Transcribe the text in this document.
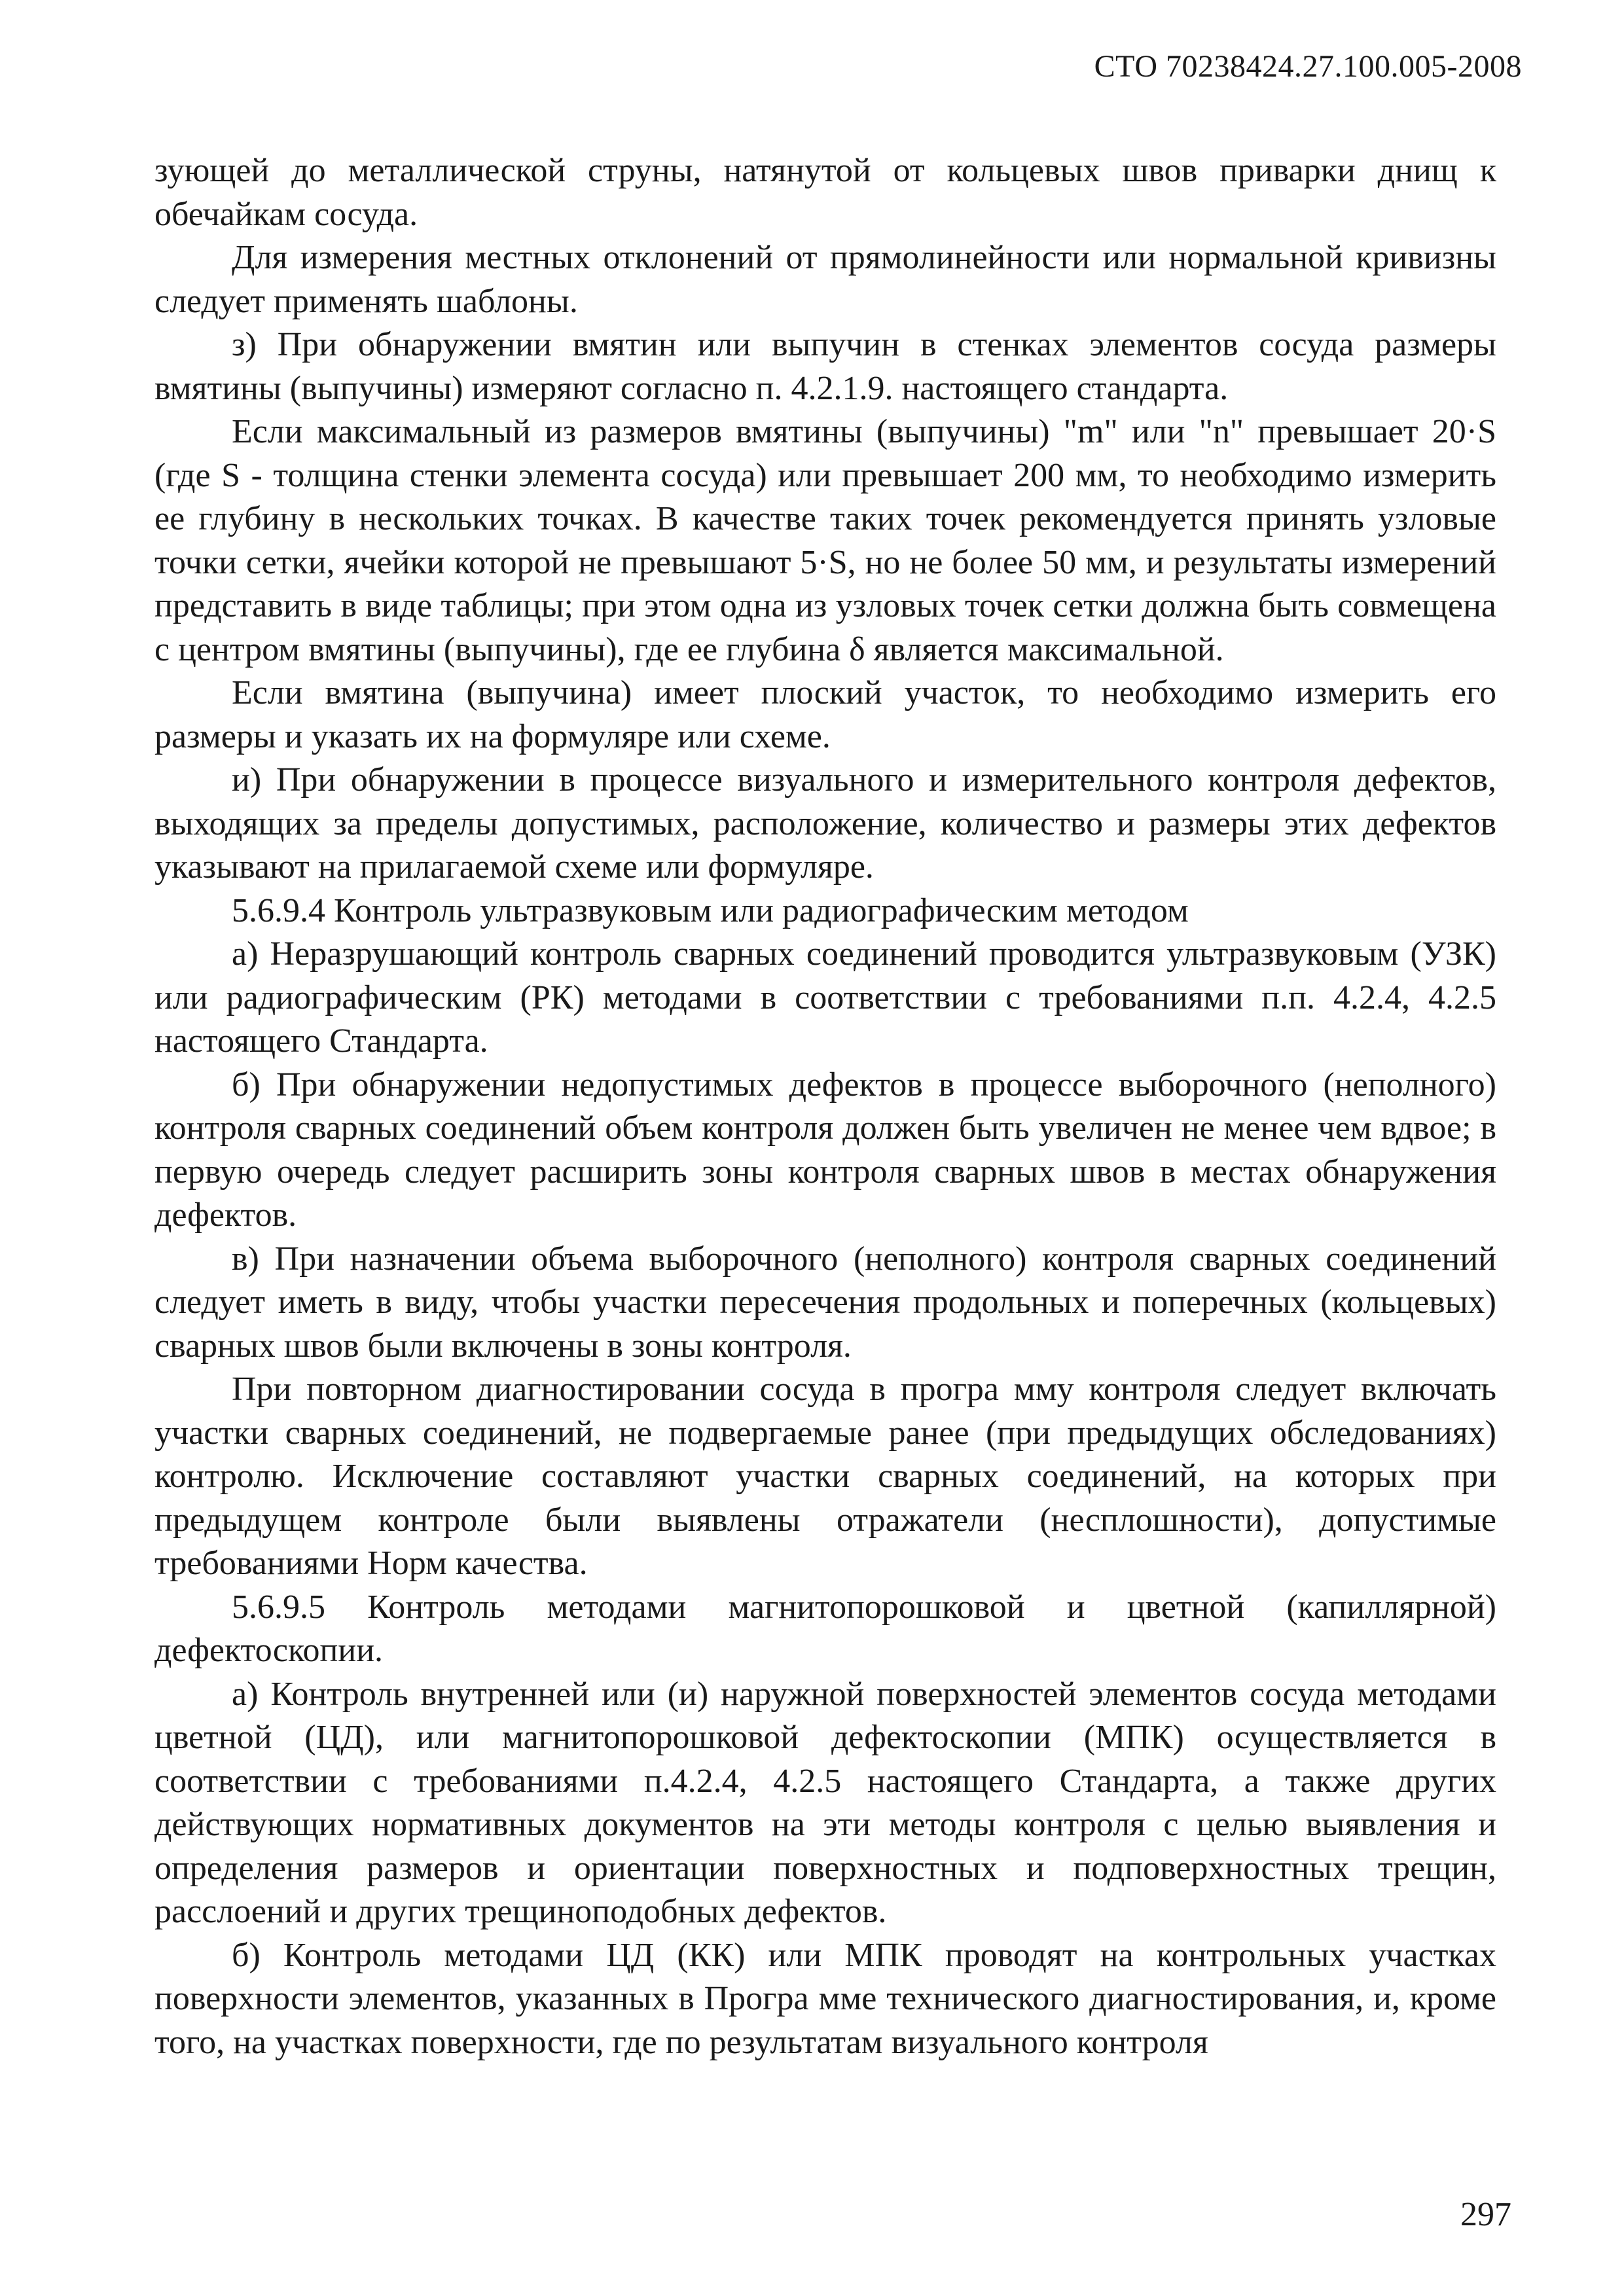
СТО 70238424.27.100.005-2008

зующей до металлической струны, натянутой от кольцевых швов приварки днищ к обечайкам сосуда.

Для измерения местных отклонений от прямолинейности или нормальной кривизны следует применять шаблоны.

з) При обнаружении вмятин или выпучин в стенках элементов сосуда размеры вмятины (выпучины) измеряют согласно п. 4.2.1.9. настоящего стандарта.

Если максимальный из размеров вмятины (выпучины) "m" или "n" превышает 20·S (где S - толщина стенки элемента сосуда) или превышает 200 мм, то необходимо измерить ее глубину в нескольких точках. В качестве таких точек рекомендуется принять узловые точки сетки, ячейки которой не превышают 5·S, но не более 50 мм, и результаты измерений представить в виде таблицы; при этом одна из узловых точек сетки должна быть совмещена с центром вмятины (выпучины), где ее глубина δ является максимальной.

Если вмятина (выпучина) имеет плоский участок, то необходимо измерить его размеры и указать их на формуляре или схеме.

и) При обнаружении в процессе визуального и измерительного контроля дефектов, выходящих за пределы допустимых, расположение, количество и размеры этих дефектов указывают на прилагаемой схеме или формуляре.

5.6.9.4 Контроль ультразвуковым или радиографическим методом

а) Неразрушающий контроль сварных соединений проводится ультразвуковым (УЗК) или радиографическим (РК) методами в соответствии с требованиями п.п. 4.2.4, 4.2.5 настоящего Стандарта.

б) При обнаружении недопустимых дефектов в процессе выборочного (неполного) контроля сварных соединений объем контроля должен быть увеличен не менее чем вдвое; в первую очередь следует расширить зоны контроля сварных швов в местах обнаружения дефектов.

в) При назначении объема выборочного (неполного) контроля сварных соединений следует иметь в виду, чтобы участки пересечения продольных и поперечных (кольцевых) сварных швов были включены в зоны контроля.

При повторном диагностировании сосуда в програ мму контроля следует включать участки сварных соединений, не подвергаемые ранее (при предыдущих обследованиях) контролю. Исключение составляют участки сварных соединений, на которых при предыдущем контроле были выявлены отражатели (несплошности), допустимые требованиями Норм качества.

5.6.9.5 Контроль методами магнитопорошковой и цветной (капиллярной) дефектоскопии.

а) Контроль внутренней или (и) наружной поверхностей элементов сосуда методами цветной (ЦД), или магнитопорошковой дефектоскопии (МПК) осуществляется в соответствии с требованиями п.4.2.4, 4.2.5 настоящего Стандарта, а также других действующих нормативных документов на эти методы контроля с целью выявления и определения размеров и ориентации поверхностных и подповерхностных трещин, расслоений и других трещиноподобных дефектов.

б) Контроль методами ЦД (КК) или МПК проводят на контрольных участках поверхности элементов, указанных в Програ мме технического диагностирования, и, кроме того, на участках поверхности, где по результатам визуального контроля

297
